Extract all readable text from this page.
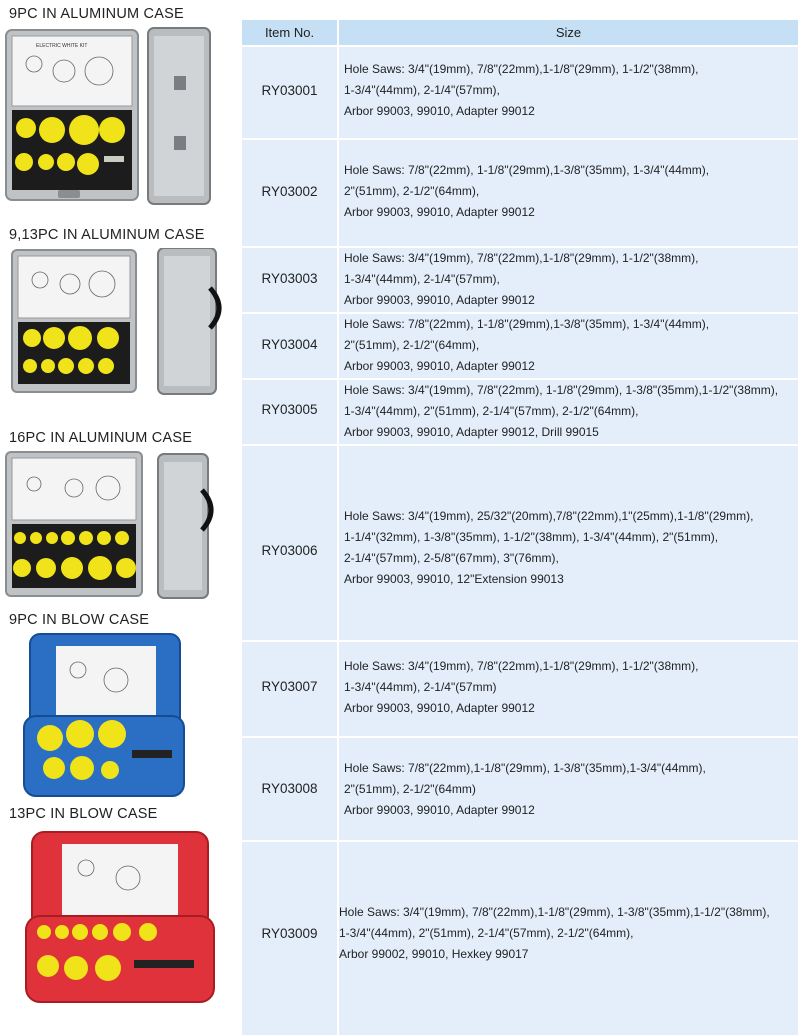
9PC IN ALUMINUM CASE
9,13PC IN ALUMINUM CASE
16PC IN ALUMINUM CASE
9PC IN BLOW CASE
13PC IN BLOW CASE
ELECTRIC WHITE KIT
Item No.	Size
RY03001
Hole Saws: 3/4"(19mm), 7/8"(22mm),1-1/8"(29mm), 1-1/2"(38mm),
1-3/4"(44mm), 2-1/4"(57mm),
Arbor 99003, 99010, Adapter 99012
RY03002
Hole Saws: 7/8"(22mm), 1-1/8"(29mm),1-3/8"(35mm), 1-3/4"(44mm),
2"(51mm), 2-1/2"(64mm),
Arbor 99003, 99010, Adapter 99012
RY03003
Hole Saws: 3/4"(19mm), 7/8"(22mm),1-1/8"(29mm), 1-1/2"(38mm),
1-3/4"(44mm), 2-1/4"(57mm),
Arbor 99003, 99010, Adapter 99012
RY03004
Hole Saws: 7/8"(22mm), 1-1/8"(29mm),1-3/8"(35mm), 1-3/4"(44mm),
2"(51mm), 2-1/2"(64mm),
Arbor 99003, 99010, Adapter 99012
RY03005
Hole Saws: 3/4"(19mm), 7/8"(22mm), 1-1/8"(29mm), 1-3/8"(35mm),1-1/2"(38mm),
1-3/4"(44mm), 2"(51mm), 2-1/4"(57mm), 2-1/2"(64mm),
Arbor 99003, 99010, Adapter 99012, Drill 99015
RY03006
Hole Saws: 3/4"(19mm), 25/32"(20mm),7/8"(22mm),1"(25mm),1-1/8"(29mm),
1-1/4"(32mm), 1-3/8"(35mm), 1-1/2"(38mm), 1-3/4"(44mm), 2"(51mm),
2-1/4"(57mm), 2-5/8"(67mm), 3"(76mm),
Arbor 99003, 99010, 12"Extension 99013
RY03007
Hole Saws: 3/4"(19mm), 7/8"(22mm),1-1/8"(29mm), 1-1/2"(38mm),
1-3/4"(44mm), 2-1/4"(57mm)
Arbor 99003, 99010, Adapter 99012
RY03008
Hole Saws: 7/8"(22mm),1-1/8"(29mm), 1-3/8"(35mm),1-3/4"(44mm),
2"(51mm), 2-1/2"(64mm)
Arbor 99003, 99010, Adapter 99012
RY03009
Hole Saws: 3/4"(19mm), 7/8"(22mm),1-1/8"(29mm), 1-3/8"(35mm),1-1/2"(38mm),
1-3/4"(44mm), 2"(51mm), 2-1/4"(57mm), 2-1/2"(64mm),
Arbor 99002, 99010, Hexkey 99017
